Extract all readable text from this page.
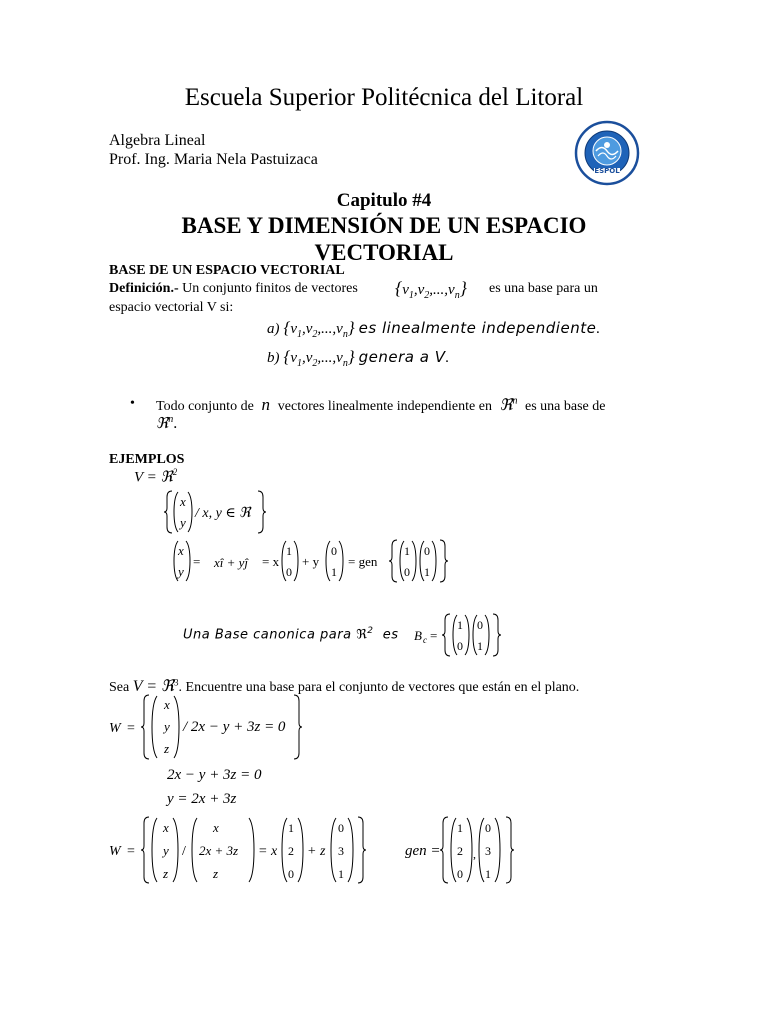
Escuela Superior Politécnica del Litoral
Algebra Lineal
Prof. Ing. Maria Nela Pastuizaca
ESPOL
Capitulo #4
BASE Y DIMENSIÓN DE UN ESPACIO
VECTORIAL
BASE DE UN ESPACIO VECTORIAL
Definición.- Un conjunto finitos de vectores $\{v_1,v_2,...,v_n\}$ es una base para un
espacio vectorial V si:
a) $\{v_1,v_2,...,v_n\}$ es linealmente independiente.
b) $\{v_1,v_2,...,v_n\}$ genera a V.
• Todo conjunto de  n  vectores linealmente independiente en  ℜ$^n$ es una base de
ℜ$^n$.
EJEMPLOS
V = ℜ$^2$
x
y
/ x, y ∈ ℜ
x
y
= xî + yĵ = x
1
0
+ y
0
1
= gen
1
0
0
1
Una Base canonica para ℜ$^2$ es B c =
1
0
0
1
Sea V = ℜ$^3$. Encuentre una base para el conjunto de vectores que están en el plano.
W =
x
y
z
/ 2x − y + 3z = 0
2x − y + 3z = 0
y = 2x + 3z
W =
x
y
z
/
x
2x + 3z
z
= x
1
2
0
+ z
0
3
1
gen =
1
2
0
,
0
3
1
